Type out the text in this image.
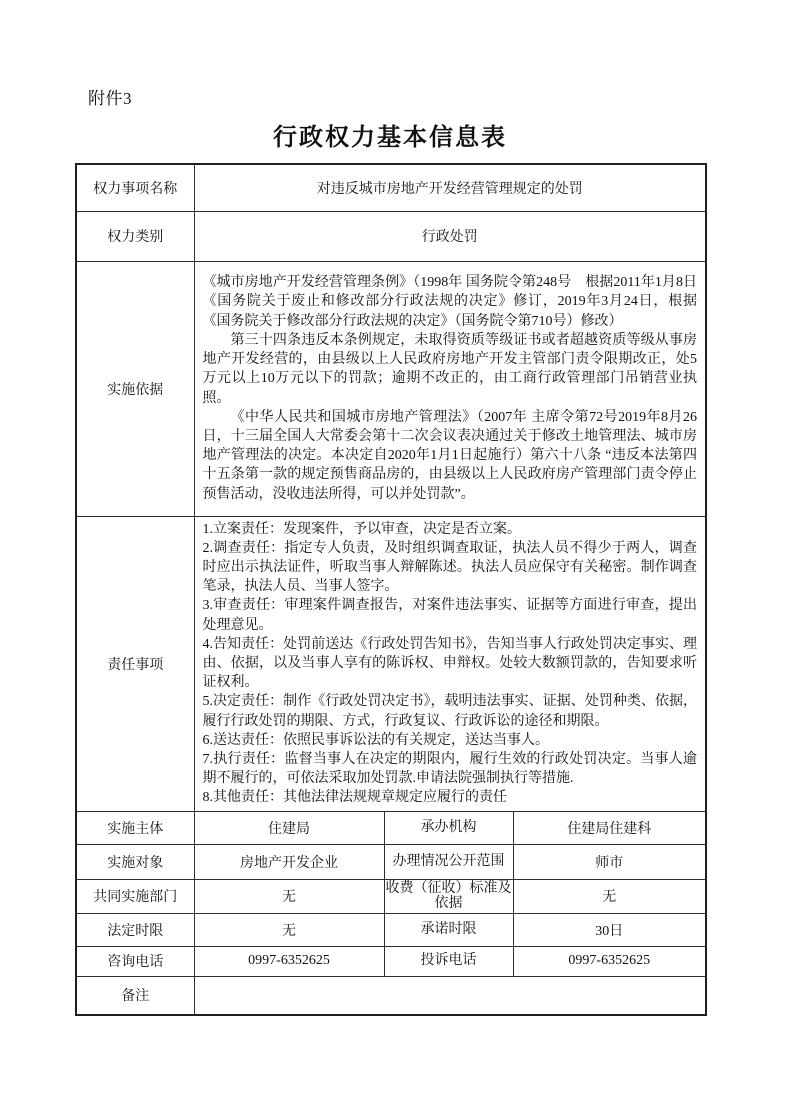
附件3
行政权力基本信息表
权力事项名称	对违反城市房地产开发经营管理规定的处罚		
权力类别	行政处罚		
实施依据	《城市房地产开发经营管理条例》（1998年 国务院令第248号　根据2011年1月8日《国务院关于废止和修改部分行政法规的决定》修订，2019年3月24日，根据《国务院关于修改部分行政法规的决定》（国务院令第710号）修改）

第三十四条违反本条例规定，未取得资质等级证书或者超越资质等级从事房地产开发经营的，由县级以上人民政府房地产开发主管部门责令限期改正，处5万元以上10万元以下的罚款；逾期不改正的，由工商行政管理部门吊销营业执照。

《中华人民共和国城市房地产管理法》（2007年 主席令第72号2019年8月26日，十三届全国人大常委会第十二次会议表决通过关于修改土地管理法、城市房地产管理法的决定。本决定自2020年1月1日起施行）第六十八条 “违反本法第四十五条第一款的规定预售商品房的，由县级以上人民政府房产管理部门责令停止预售活动，没收违法所得，可以并处罚款”。		

责任事项	
1.立案责任：发现案件，予以审查，决定是否立案。
2.调查责任：指定专人负责，及时组织调查取证，执法人员不得少于两人，调查时应出示执法证件，听取当事人辩解陈述。执法人员应保守有关秘密。制作调查笔录，执法人员、当事人签字。
3.审查责任：审理案件调查报告，对案件违法事实、证据等方面进行审查，提出处理意见。
4.告知责任：处罚前送达《行政处罚告知书》，告知当事人行政处罚决定事实、理由、依据，以及当事人享有的陈诉权、申辩权。处较大数额罚款的，告知要求听证权利。
5.决定责任：制作《行政处罚决定书》，载明违法事实、证据、处罚种类、依据，履行行政处罚的期限、方式，行政复议、行政诉讼的途径和期限。
6.送达责任：依照民事诉讼法的有关规定，送达当事人。
7.执行责任：监督当事人在决定的期限内，履行生效的行政处罚决定。当事人逾期不履行的，可依法采取加处罚款.申请法院强制执行等措施.
8.其他责任：其他法律法规规章规定应履行的责任

实施主体	住建局	承办机构	住建局住建科
实施对象	房地产开发企业	办理情况公开范围	师市
共同实施部门	无	收费（征收）标准及依据	无
法定时限	无	承诺时限	30日
咨询电话	0997-6352625	投诉电话	0997-6352625
备注			
